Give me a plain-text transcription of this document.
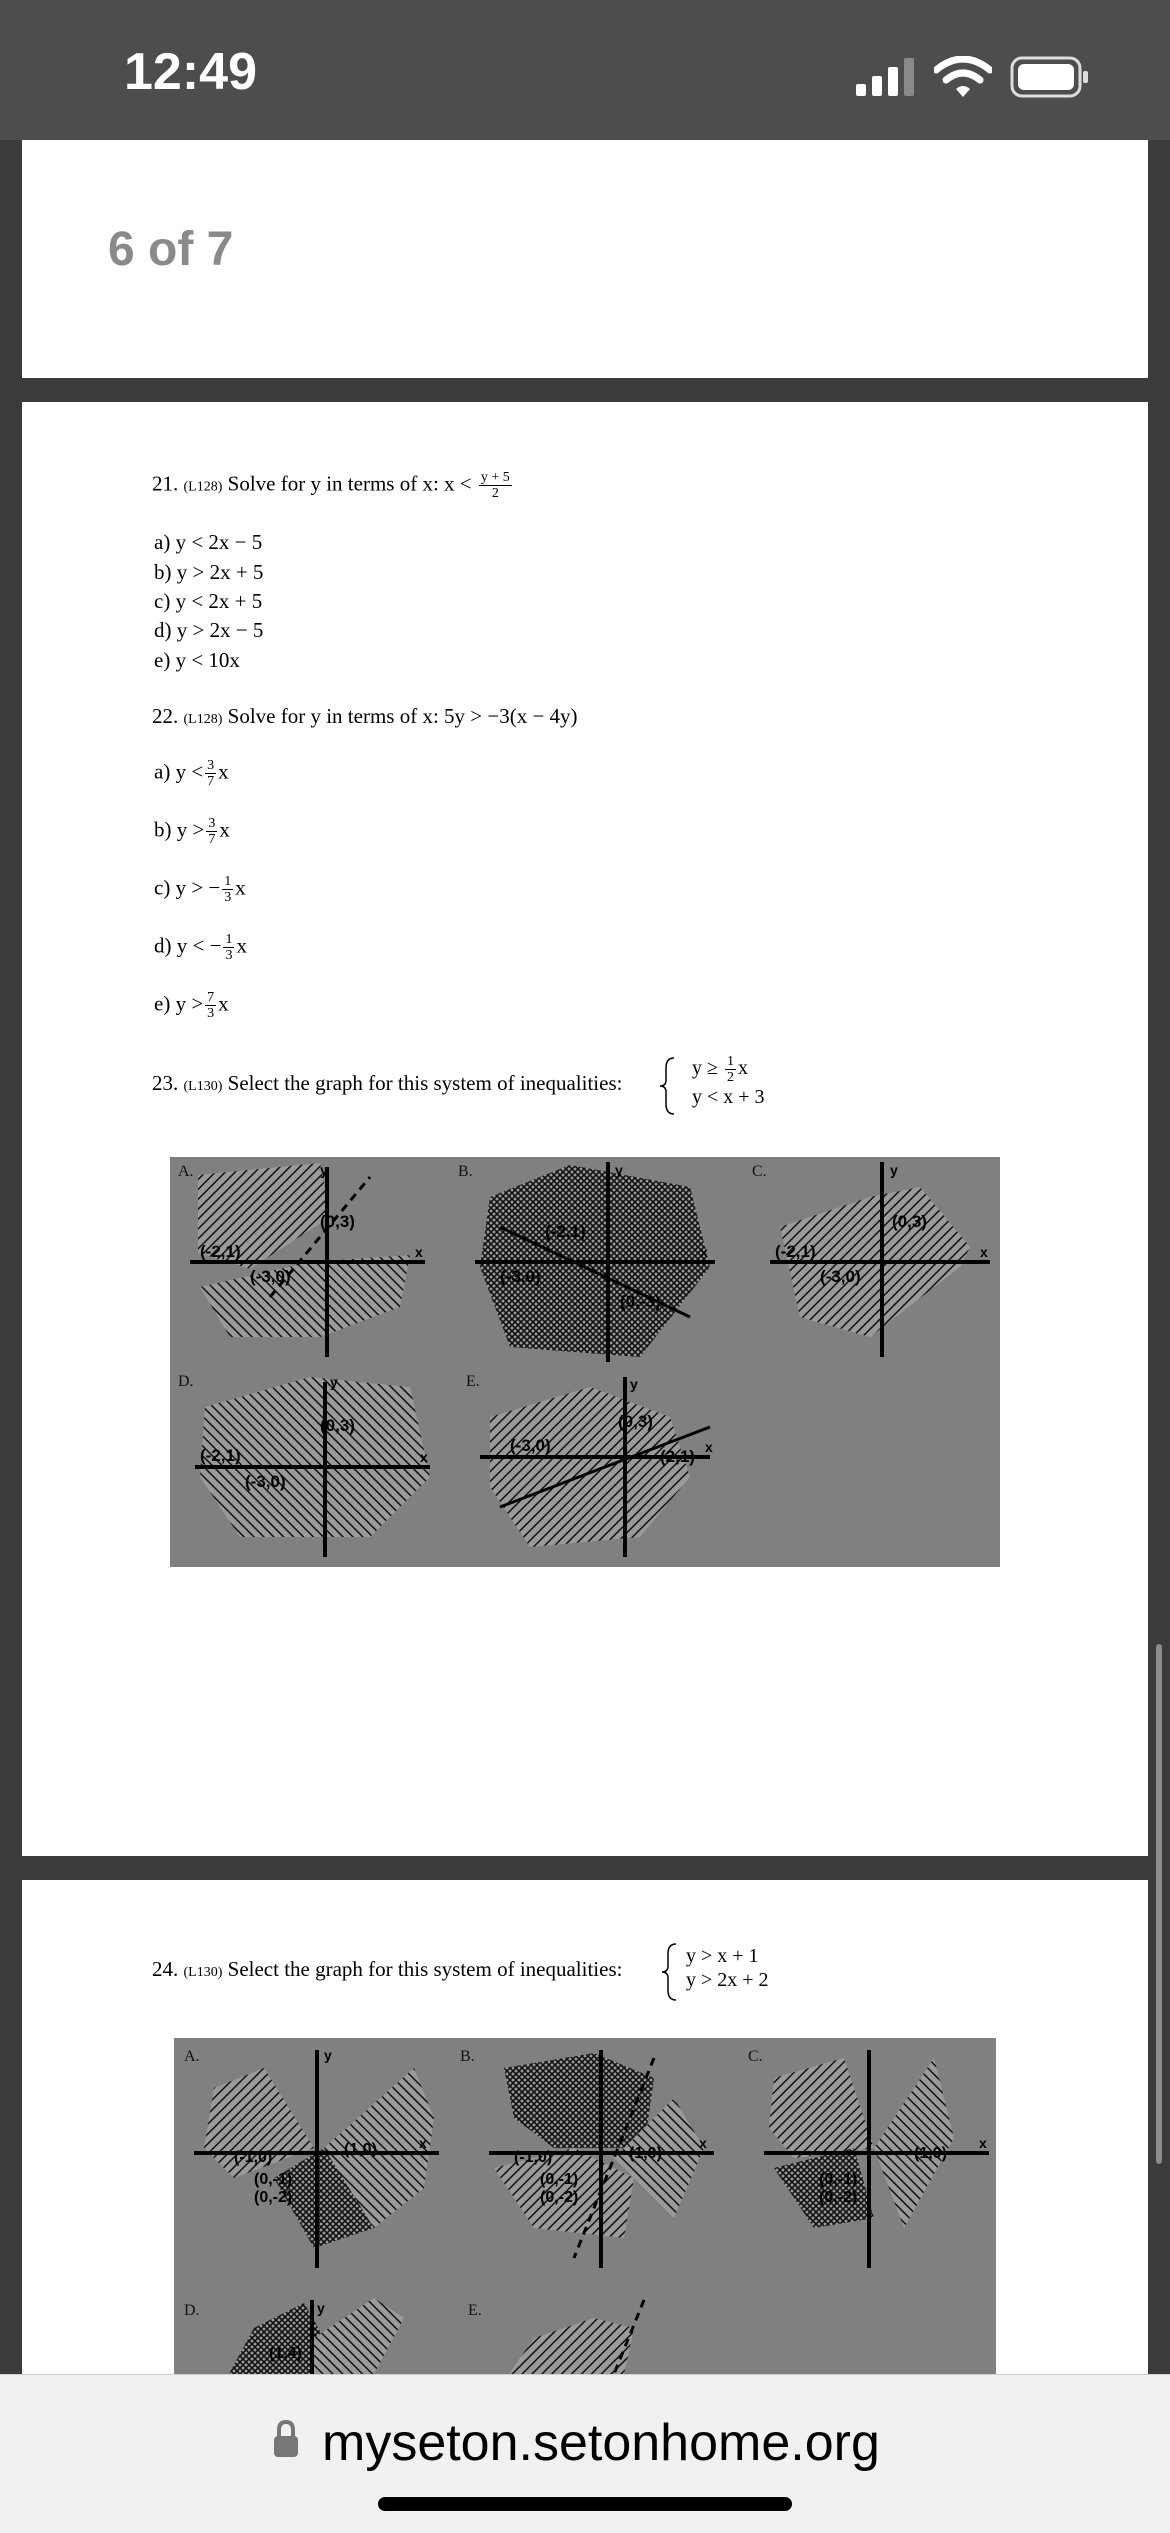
12:49
6 of 7
21. (L128) Solve for y in terms of x: $x < \frac{y + 5}{2}$
a) y < 2x − 5
b) y > 2x + 5
c) y < 2x + 5
d) y > 2x − 5
e) y < 10x
22. (L128) Solve for y in terms of x: 5y > −3(x − 4y)
a) $y < \frac{3}{7}$ x
b) $y > \frac{3}{7}$ x
c) y > − $\frac{1}{3}$ x
d) y < − $\frac{1}{3}$ x
e) $y > \frac{7}{3}$ x
23. (L130) Select the graph for this system of inequalities:
$y \ge \frac{1}{2}$ x
y < x + 3
y
x
(0,3)
(-2,1)
(-3,0)
y
x
(-2,1)
(-3,0)
(0,-3)
y
x
(0,3)
(-2,1)
(-3,0)
y
x
(0,3)
(-2,1)
(-3,0)
y
x
(0,3)
(-3,0)
(2,1)
A.	B.	C.
D.	E.
24. (L130) Select the graph for this system of inequalities:
y > x + 1
y > 2x + 2
y
x
(-1,0)	(1,0)
(0,-1)
(0,-2)
x
(-1,0)	(1,0)
(0,-1)
(0,-2)
x
(1,0)
(0,-1)
(0,-2)
y
(1,4)
A.	B.	C.
D.	E.
myseton.setonhome.org
